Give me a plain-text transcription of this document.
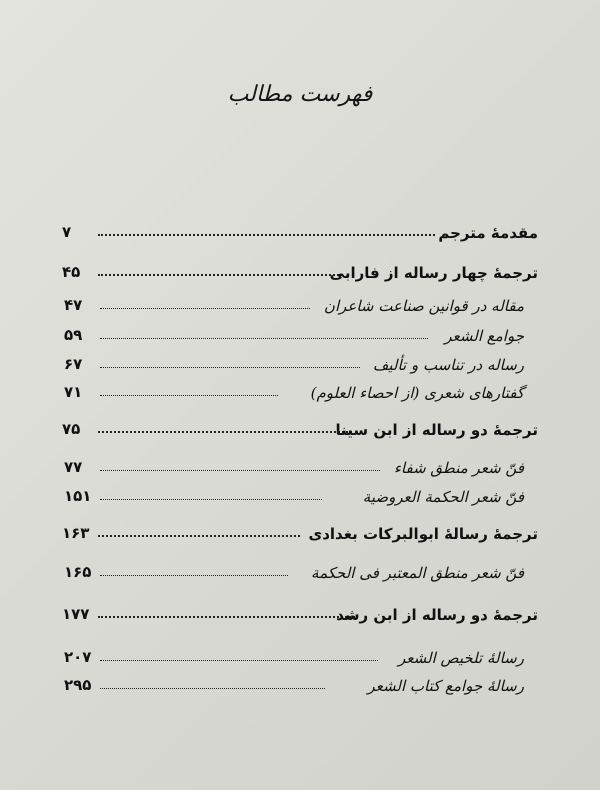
فهرست مطالب
۷	مقدمهٔ مترجم
۴۵	ترجمهٔ چهار رساله از فارابی
۴۷	مقاله در قوانین صناعت شاعران
۵۹	جوامع الشعر
۶۷	رساله در تناسب و تألیف
۷۱	گفتارهای شعری (از احصاء العلوم)
۷۵	ترجمهٔ دو رساله از ابن سینا
۷۷	فنّ شعر منطق شفاء
۱۵۱	فنّ شعر الحکمة العروضیة
۱۶۳	ترجمهٔ رسالهٔ ابوالبرکات بغدادی
۱۶۵	فنّ شعر منطق المعتبر فی الحکمة
۱۷۷	ترجمهٔ دو رساله از ابن رشد
۲۰۷	رسالهٔ تلخیص الشعر
۲۹۵	رسالهٔ جوامع کتاب الشعر
